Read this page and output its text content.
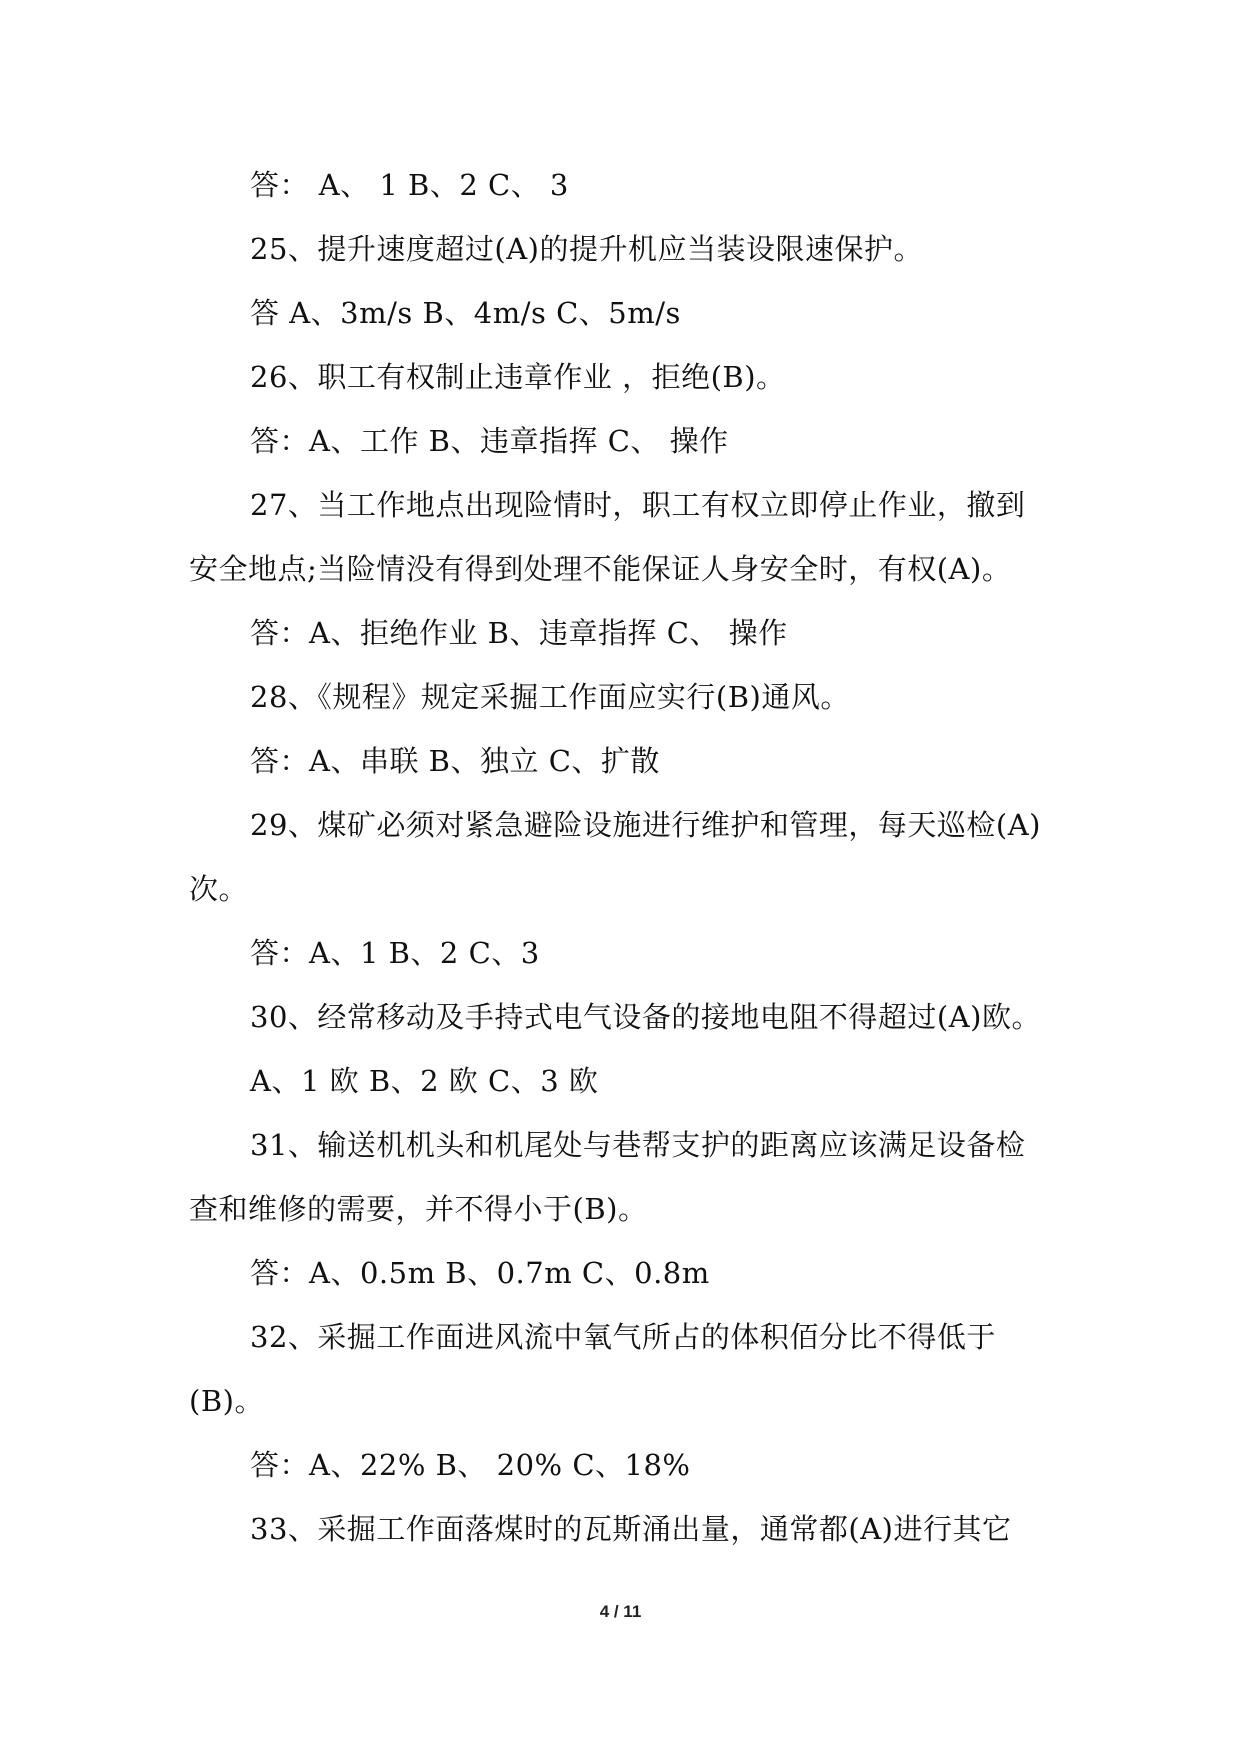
答： A、 1 B、2 C、 3
25、提升速度超过(A)的提升机应当装设限速保护。
答 A、3m/s B、4m/s C、5m/s
26、职工有权制止违章作业 ，拒绝(B)。
答：A、工作 B、违章指挥 C、 操作
27、当工作地点出现险情时，职工有权立即停止作业，撤到
安全地点;当险情没有得到处理不能保证人身安全时，有权(A)。
答：A、拒绝作业 B、违章指挥 C、 操作
28、《规程》规定采掘工作面应实行(B)通风。
答：A、串联 B、独立 C、扩散
29、煤矿必须对紧急避险设施进行维护和管理，每天巡检(A)
次。
答：A、1 B、2 C、3
30、经常移动及手持式电气设备的接地电阻不得超过(A)欧。
A、1 欧 B、2 欧 C、3 欧
31、输送机机头和机尾处与巷帮支护的距离应该满足设备检
查和维修的需要，并不得小于(B)。
答：A、0.5m B、0.7m C、0.8m
32、采掘工作面进风流中氧气所占的体积佰分比不得低于
(B)。
答：A、22% B、 20% C、18%
33、采掘工作面落煤时的瓦斯涌出量，通常都(A)进行其它
4 / 11
